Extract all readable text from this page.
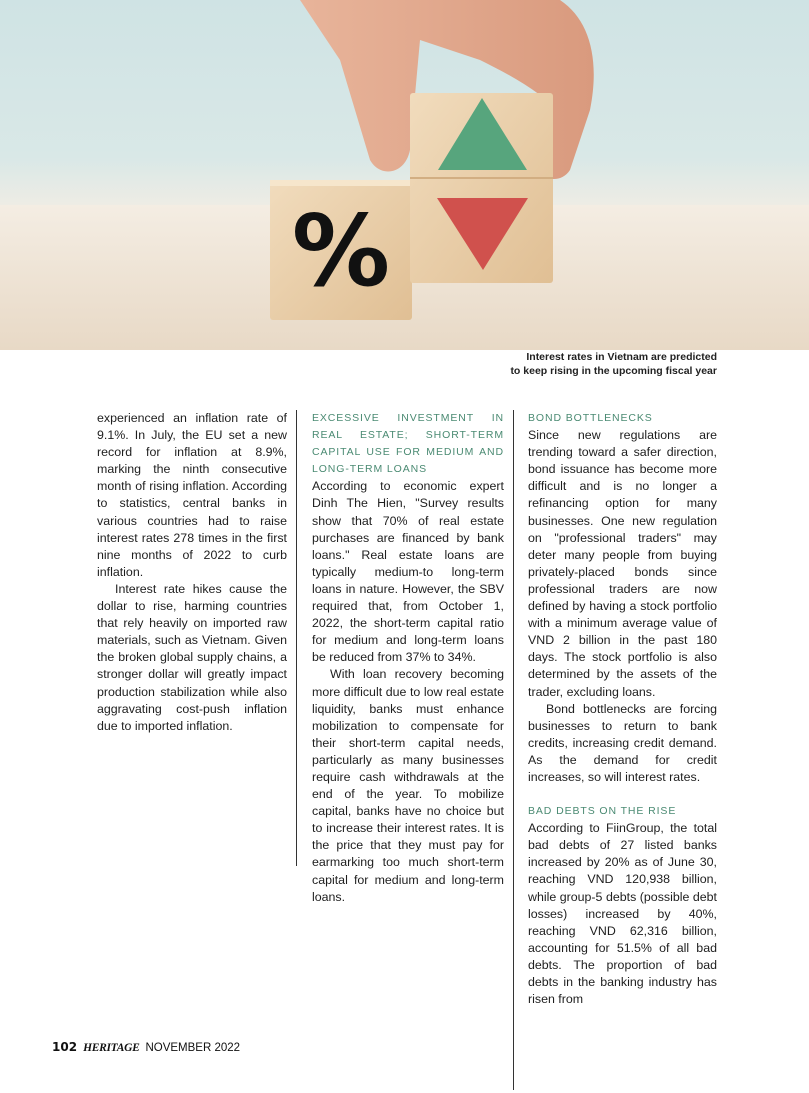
%
Interest rates in Vietnam are predicted
to keep rising in the upcoming fiscal year

experienced an inflation rate of 9.1%. In July, the EU set a new record for inflation at 8.9%, marking the ninth consecutive month of rising inflation. According to statistics, central banks in various countries had to raise interest rates 278 times in the first nine months of 2022 to curb inflation.

Interest rate hikes cause the dollar to rise, harming countries that rely heavily on imported raw materials, such as Vietnam. Given the broken global supply chains, a stronger dollar will greatly impact production stabilization while also aggravating cost-push inflation due to imported inflation.

EXCESSIVE INVESTMENT IN REAL ESTATE; SHORT-TERM CAPITAL USE FOR MEDIUM AND LONG-TERM LOANS

According to economic expert Dinh The Hien, "Survey results show that 70% of real estate purchases are financed by bank loans." Real estate loans are typically medium-to long-term loans in nature. However, the SBV required that, from October 1, 2022, the short-term capital ratio for medium and long-term loans be reduced from 37% to 34%.

With loan recovery becoming more difficult due to low real estate liquidity, banks must enhance mobilization to compensate for their short-term capital needs, particularly as many businesses require cash withdrawals at the end of the year. To mobilize capital, banks have no choice but to increase their interest rates. It is the price that they must pay for earmarking too much short-term capital for medium and long-term loans.

BOND BOTTLENECKS

Since new regulations are trending toward a safer direction, bond issuance has become more difficult and is no longer a refinancing option for many businesses. One new regulation on "professional traders" may deter many people from buying privately-placed bonds since professional traders are now defined by having a stock portfolio with a minimum average value of VND 2 billion in the past 180 days. The stock portfolio is also determined by the assets of the trader, excluding loans.

Bond bottlenecks are forcing businesses to return to bank credits, increasing credit demand. As the demand for credit increases, so will interest rates.

BAD DEBTS ON THE RISE

According to FiinGroup, the total bad debts of 27 listed banks increased by 20% as of June 30, reaching VND 120,938 billion, while group-5 debts (possible debt losses) increased by 40%, reaching VND 62,316 billion, accounting for 51.5% of all bad debts. The proportion of bad debts in the banking industry has risen from

102 HERITAGE NOVEMBER 2022
